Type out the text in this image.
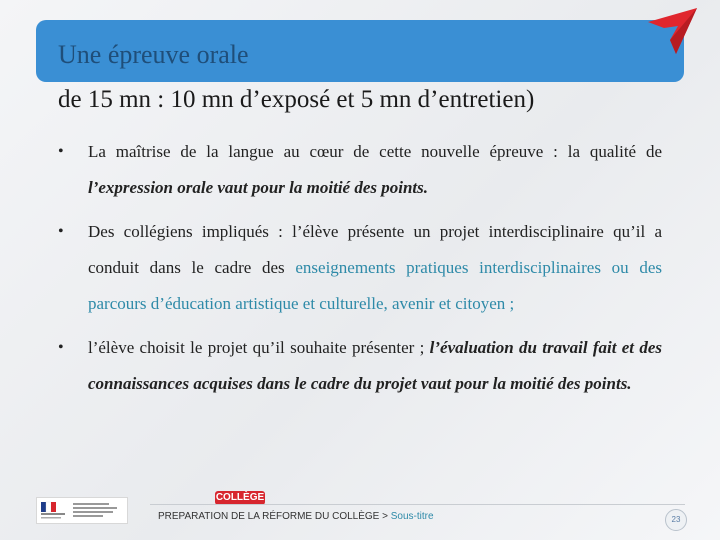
Une épreuve orale
de 15 mn : 10 mn d’exposé et 5 mn d’entretien)
• La maîtrise de la langue au cœur de cette nouvelle épreuve : la qualité de l’expression orale vaut pour la moitié des points.
• Des collégiens impliqués : l’élève présente un projet interdisciplinaire qu’il a conduit dans le cadre des enseignements pratiques interdisciplinaires ou des parcours d’éducation artistique et culturelle, avenir et citoyen ;
• l’élève choisit le projet qu’il souhaite présenter ; l’évaluation du travail fait et des connaissances acquises dans le cadre du projet vaut pour la moitié des points.
COLLÈGE
PREPARATION DE LA RÉFORME DU COLLÈGE > Sous-titre	23
